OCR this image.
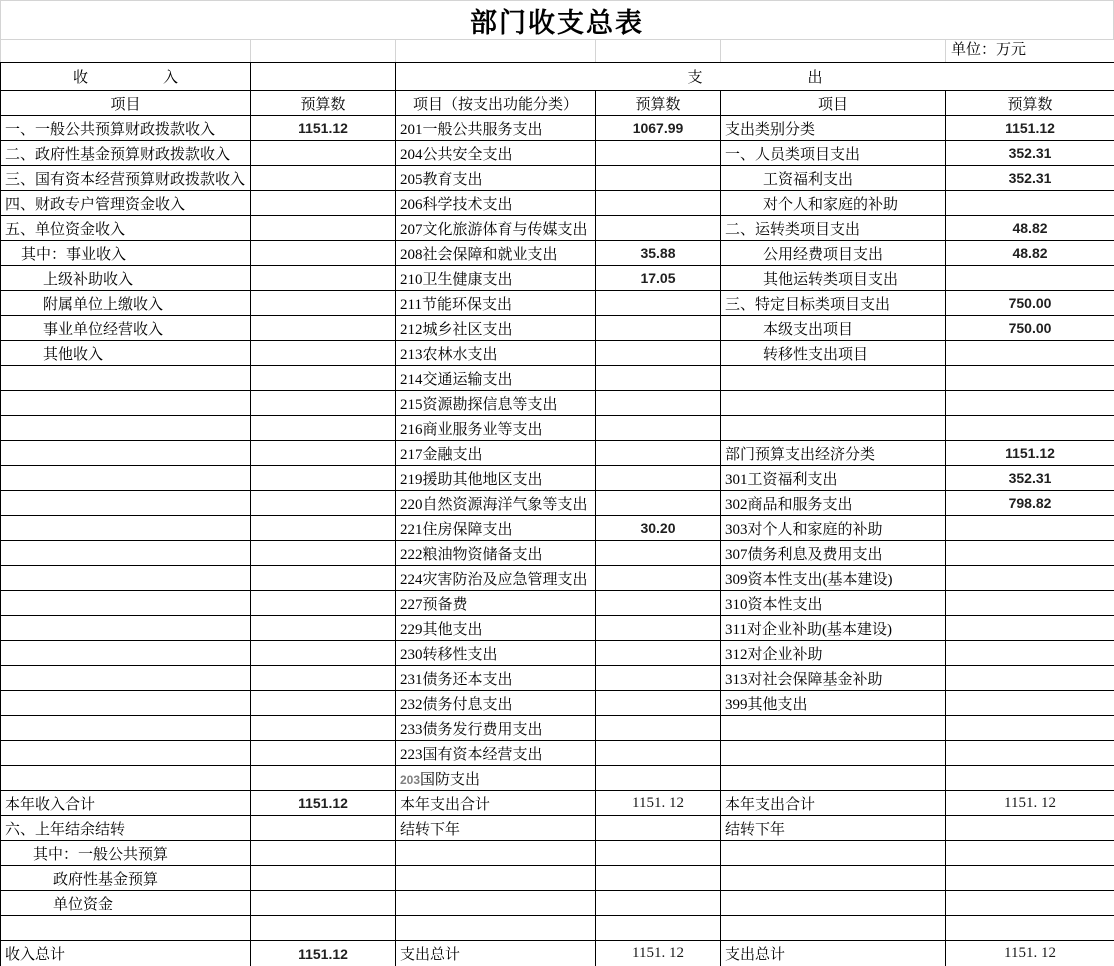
部门收支总表
单位：万元
收　　　　　入		支　　　　　　　出			
项目	预算数	项目（按支出功能分类）	预算数	项目	预算数
一、一般公共预算财政拨款收入	1151.12	201一般公共服务支出	1067.99	支出类别分类	1151.12
二、政府性基金预算财政拨款收入		204公共安全支出		一、人员类项目支出	352.31
三、国有资本经营预算财政拨款收入		205教育支出		工资福利支出	352.31
四、财政专户管理资金收入		206科学技术支出		对个人和家庭的补助	
五、单位资金收入		207文化旅游体育与传媒支出		二、运转类项目支出	48.82
其中：事业收入		208社会保障和就业支出	35.88	公用经费项目支出	48.82
上级补助收入		210卫生健康支出	17.05	其他运转类项目支出	
附属单位上缴收入		211节能环保支出		三、特定目标类项目支出	750.00
事业单位经营收入		212城乡社区支出		本级支出项目	750.00
其他收入		213农林水支出		转移性支出项目	
		214交通运输支出			
		215资源勘探信息等支出			
		216商业服务业等支出			
		217金融支出		部门预算支出经济分类	1151.12
		219援助其他地区支出		301工资福利支出	352.31
		220自然资源海洋气象等支出		302商品和服务支出	798.82
		221住房保障支出	30.20	303对个人和家庭的补助	
		222粮油物资储备支出		307债务利息及费用支出	
		224灾害防治及应急管理支出		309资本性支出(基本建设)	
		227预备费		310资本性支出	
		229其他支出		311对企业补助(基本建设)	
		230转移性支出		312对企业补助	
		231债务还本支出		313对社会保障基金补助	
		232债务付息支出		399其他支出	
		233债务发行费用支出			
		223国有资本经营支出			
		203国防支出			
本年收入合计	1151.12	本年支出合计	1151. 12	本年支出合计	1151. 12
六、上年结余结转		结转下年		结转下年	
其中：一般公共预算					
政府性基金预算					
单位资金					

收入总计	1151.12	支出总计	1151. 12	支出总计	1151. 12
